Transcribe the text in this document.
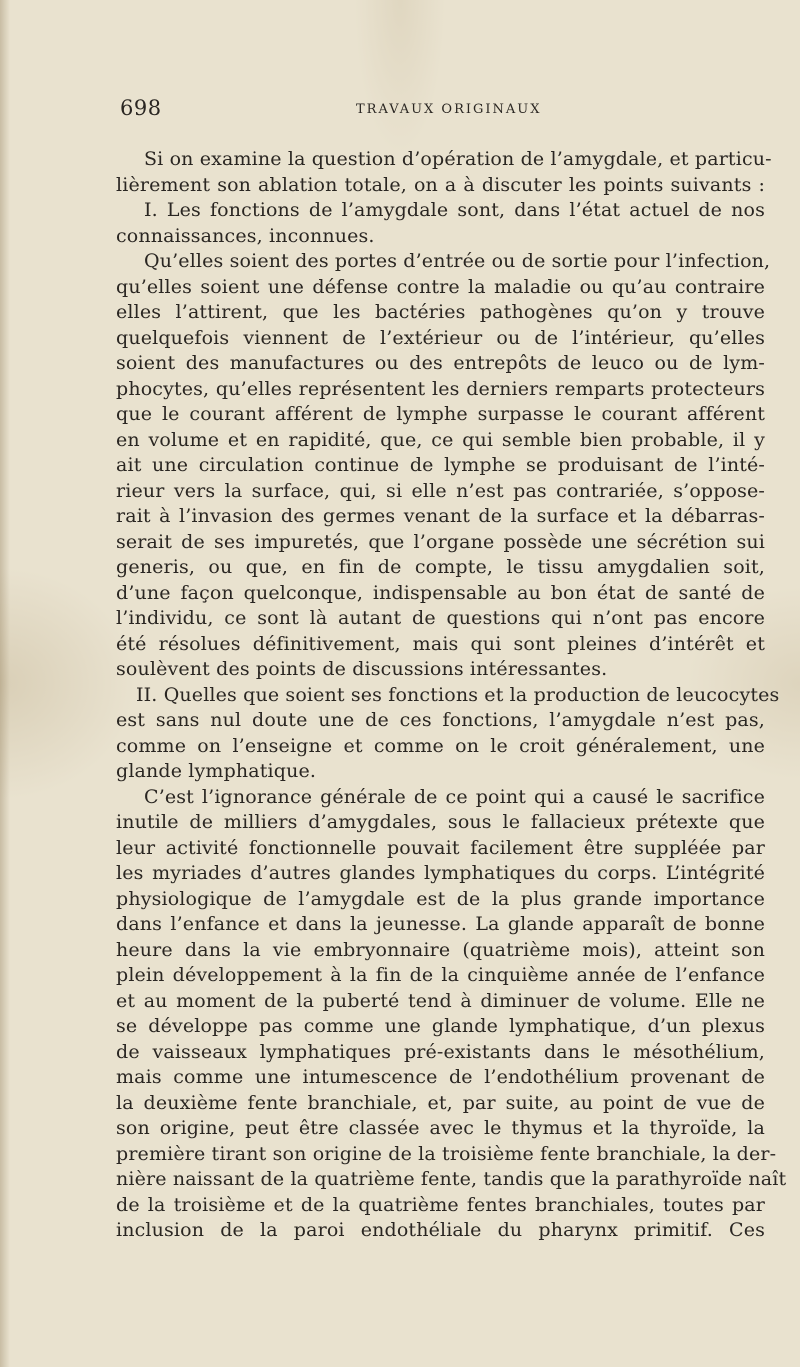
698	TRAVAUX ORIGINAUX
Si on examine la question d’opération de l’amygdale, et particu-
lièrement son ablation totale, on a à discuter les points suivants :
I. Les fonctions de l’amygdale sont, dans l’état actuel de nos
connaissances, inconnues.
Qu’elles soient des portes d’entrée ou de sortie pour l’infection,
qu’elles soient une défense contre la maladie ou qu’au contraire
elles l’attirent, que les bactéries pathogènes qu’on y trouve
quelquefois viennent de l’extérieur ou de l’intérieur, qu’elles
soient des manufactures ou des entrepôts de leuco ou de lym-
phocytes, qu’elles représentent les derniers remparts protecteurs
que le courant afférent de lymphe surpasse le courant afférent
en volume et en rapidité, que, ce qui semble bien probable, il y
ait une circulation continue de lymphe se produisant de l’inté-
rieur vers la surface, qui, si elle n’est pas contrariée, s’oppose-
rait à l’invasion des germes venant de la surface et la débarras-
serait de ses impuretés, que l’organe possède une sécrétion sui
generis, ou que, en fin de compte, le tissu amygdalien soit,
d’une façon quelconque, indispensable au bon état de santé de
l’individu, ce sont là autant de questions qui n’ont pas encore
été résolues définitivement, mais qui sont pleines d’intérêt et
soulèvent des points de discussions intéressantes.
II. Quelles que soient ses fonctions et la production de leucocytes
est sans nul doute une de ces fonctions, l’amygdale n’est pas,
comme on l’enseigne et comme on le croit généralement, une
glande lymphatique.
C’est l’ignorance générale de ce point qui a causé le sacrifice
inutile de milliers d’amygdales, sous le fallacieux prétexte que
leur activité fonctionnelle pouvait facilement être suppléée par
les myriades d’autres glandes lymphatiques du corps. L’intégrité
physiologique de l’amygdale est de la plus grande importance
dans l’enfance et dans la jeunesse. La glande apparaît de bonne
heure dans la vie embryonnaire (quatrième mois), atteint son
plein développement à la fin de la cinquième année de l’enfance
et au moment de la puberté tend à diminuer de volume. Elle ne
se développe pas comme une glande lymphatique, d’un plexus
de vaisseaux lymphatiques pré-existants dans le mésothélium,
mais comme une intumescence de l’endothélium provenant de
la deuxième fente branchiale, et, par suite, au point de vue de
son origine, peut être classée avec le thymus et la thyroïde, la
première tirant son origine de la troisième fente branchiale, la der-
nière naissant de la quatrième fente, tandis que la parathyroïde naît
de la troisième et de la quatrième fentes branchiales, toutes par
inclusion de la paroi endothéliale du pharynx primitif. Ces
